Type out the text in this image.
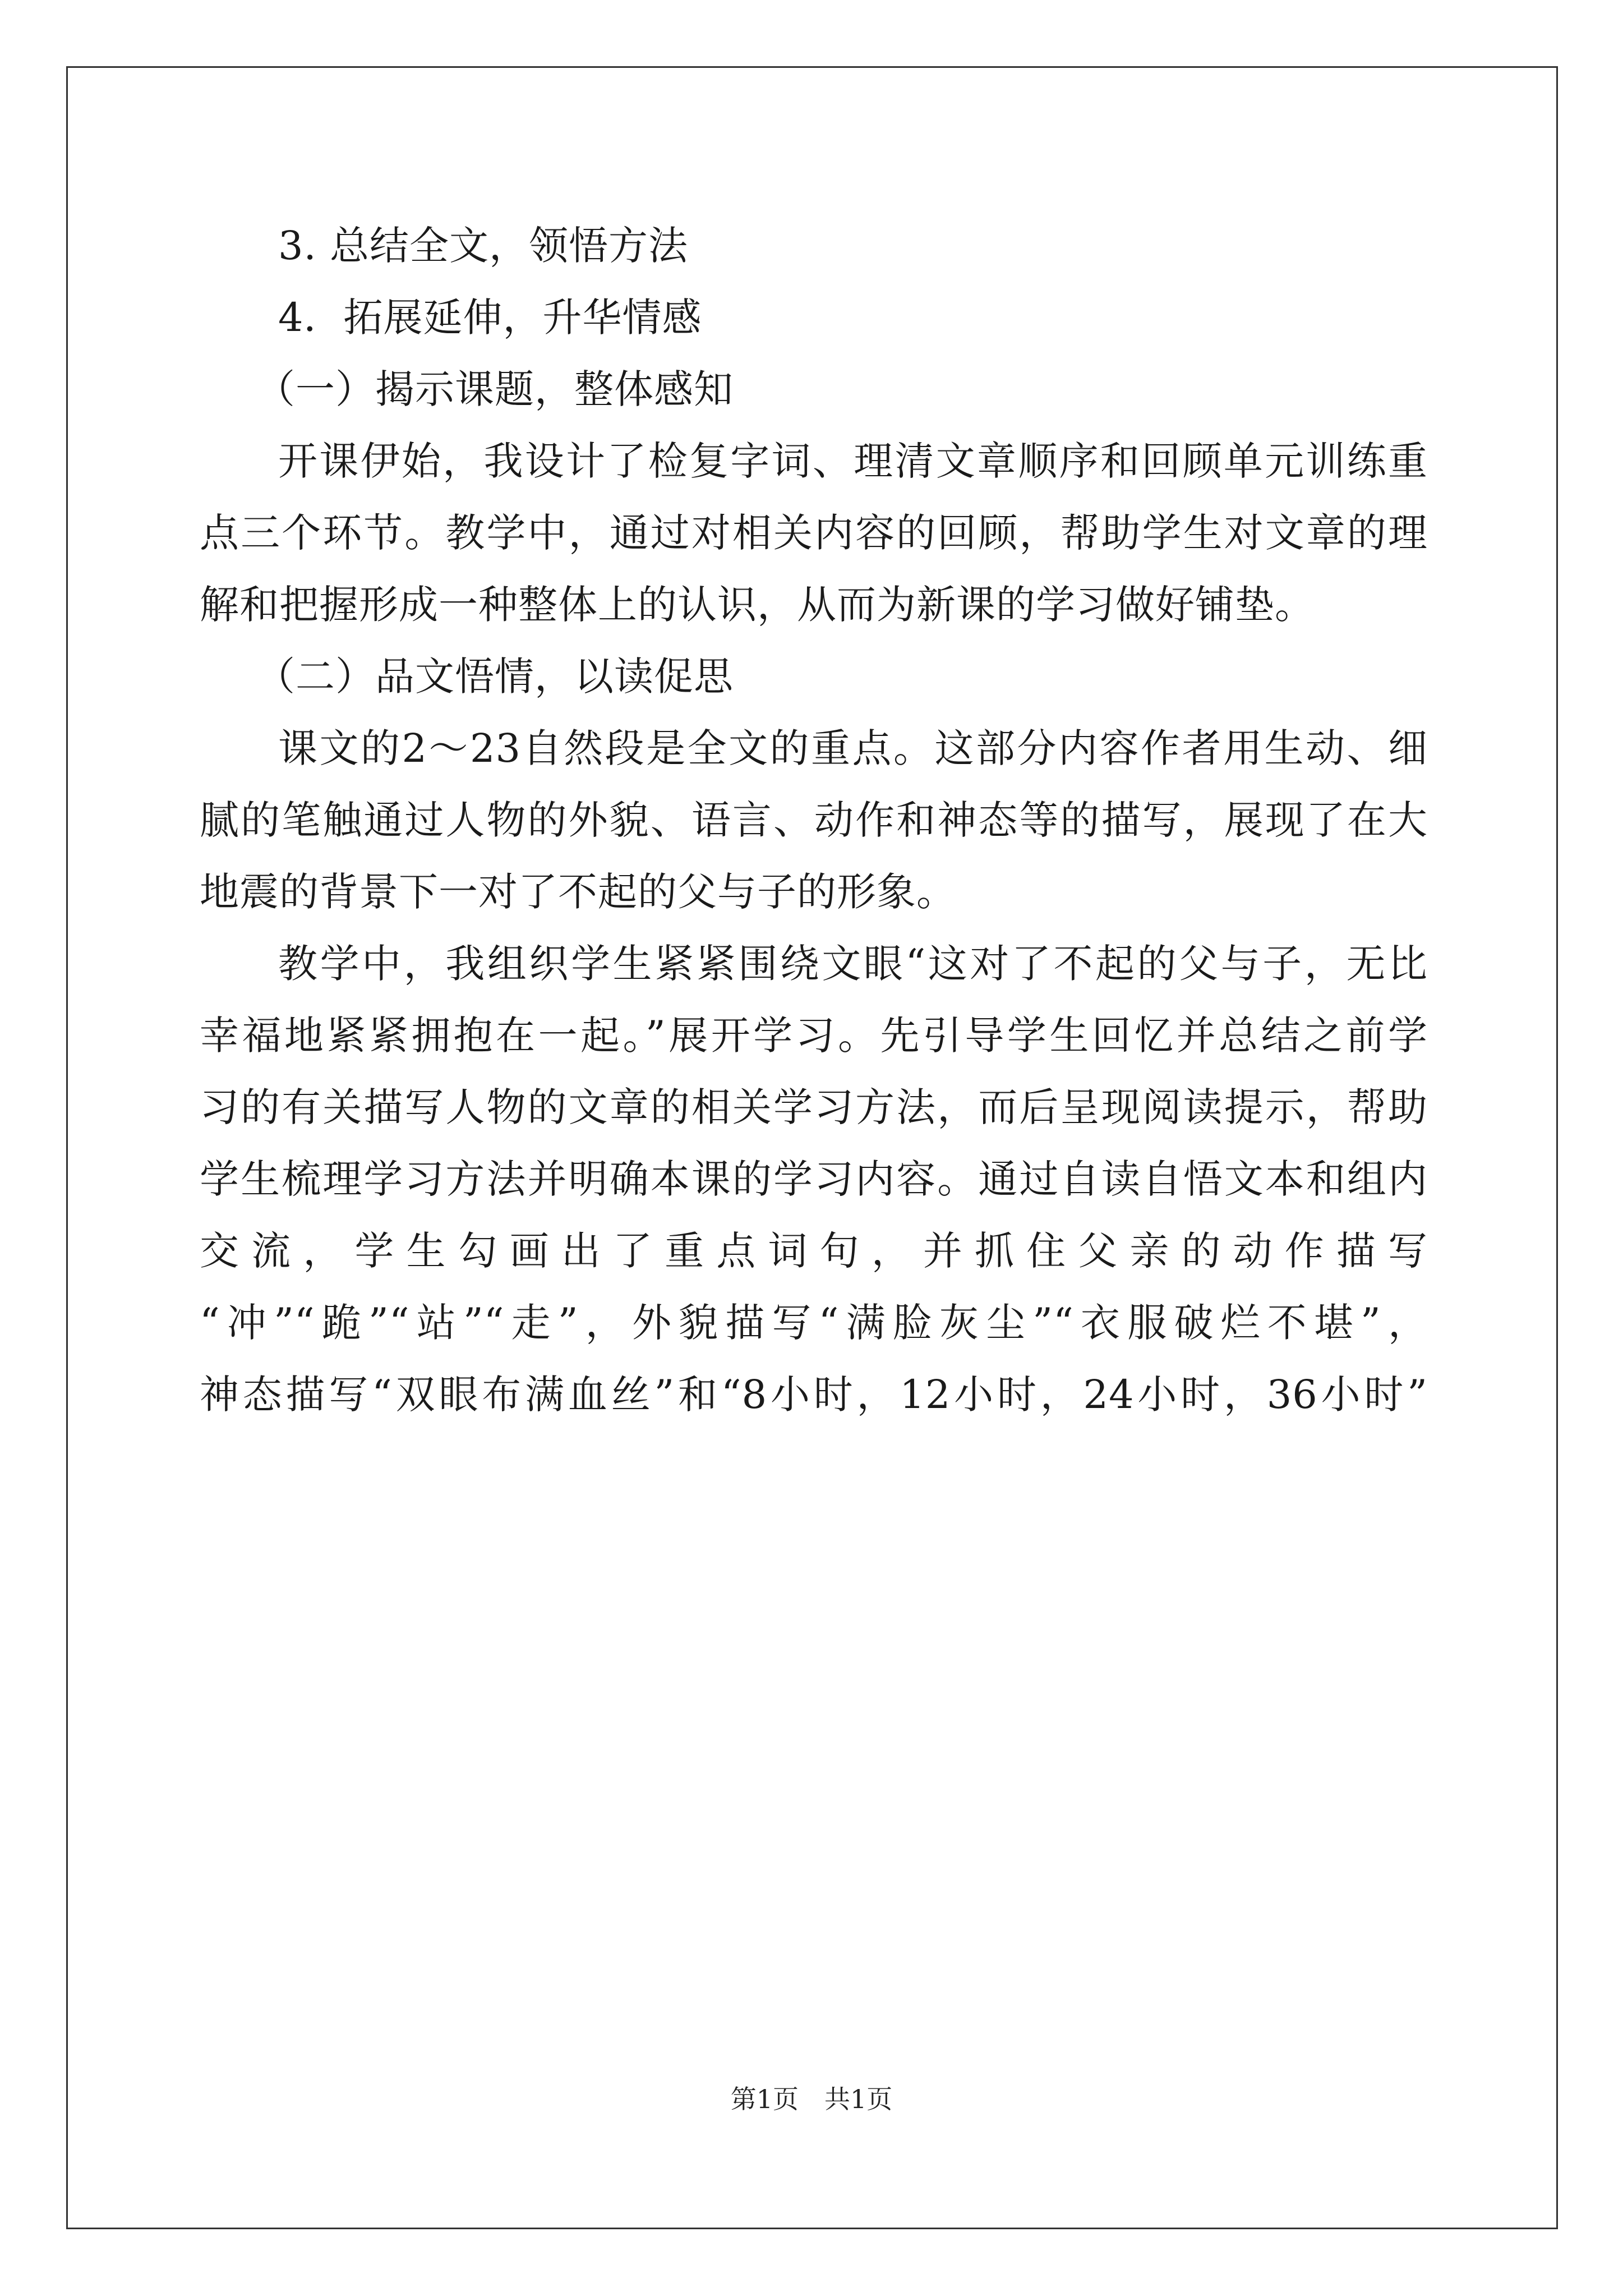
3. 总结全文，领悟方法
4．拓展延伸，升华情感
（一）揭示课题，整体感知
开课伊始，我设计了检复字词、理清文章顺序和回顾单元训练重
点三个环节。教学中，通过对相关内容的回顾，帮助学生对文章的理
解和把握形成一种整体上的认识，从而为新课的学习做好铺垫。
（二）品文悟情，以读促思
课文的2～23自然段是全文的重点。这部分内容作者用生动、细
腻的笔触通过人物的外貌、语言、动作和神态等的描写，展现了在大
地震的背景下一对了不起的父与子的形象。
教学中，我组织学生紧紧围绕文眼“这对了不起的父与子，无比
幸福地紧紧拥抱在一起。”展开学习。先引导学生回忆并总结之前学
习的有关描写人物的文章的相关学习方法，而后呈现阅读提示，帮助
学生梳理学习方法并明确本课的学习内容。通过自读自悟文本和组内
交流，学生勾画出了重点词句，并抓住父亲的动作描写
“冲”“跪”“站”“走”，外貌描写“满脸灰尘”“衣服破烂不堪”，
神态描写“双眼布满血丝”和“8小时，12小时，24小时，36小时”
第1页　共1页
